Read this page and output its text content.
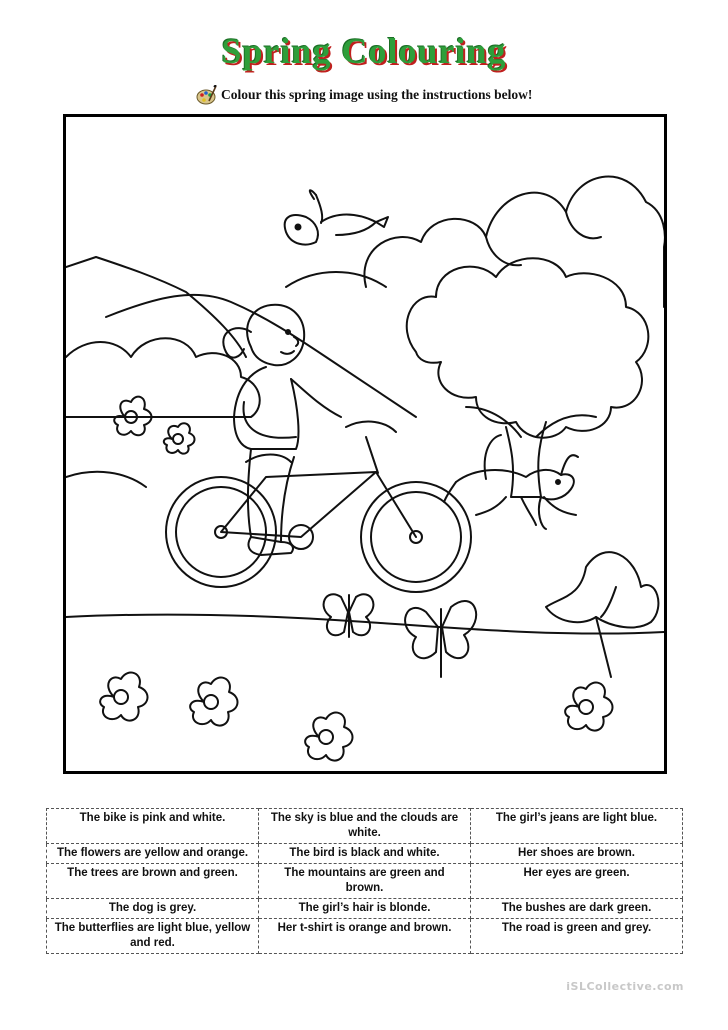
Spring Colouring
Colour this spring image using the instructions below!
The bike is pink and white.	The sky is blue and the clouds are white.	The girl’s jeans are light blue.
The flowers are yellow and orange.	The bird is black and white.	Her shoes are brown.
The trees are brown and green.	The mountains are green and brown.	Her eyes are green.
The dog is grey.	The girl’s hair is blonde.	The bushes are dark green.
The butterflies are light blue, yellow and red.	Her t-shirt is orange and brown.	The road is green and grey.
iSLCollective.com
